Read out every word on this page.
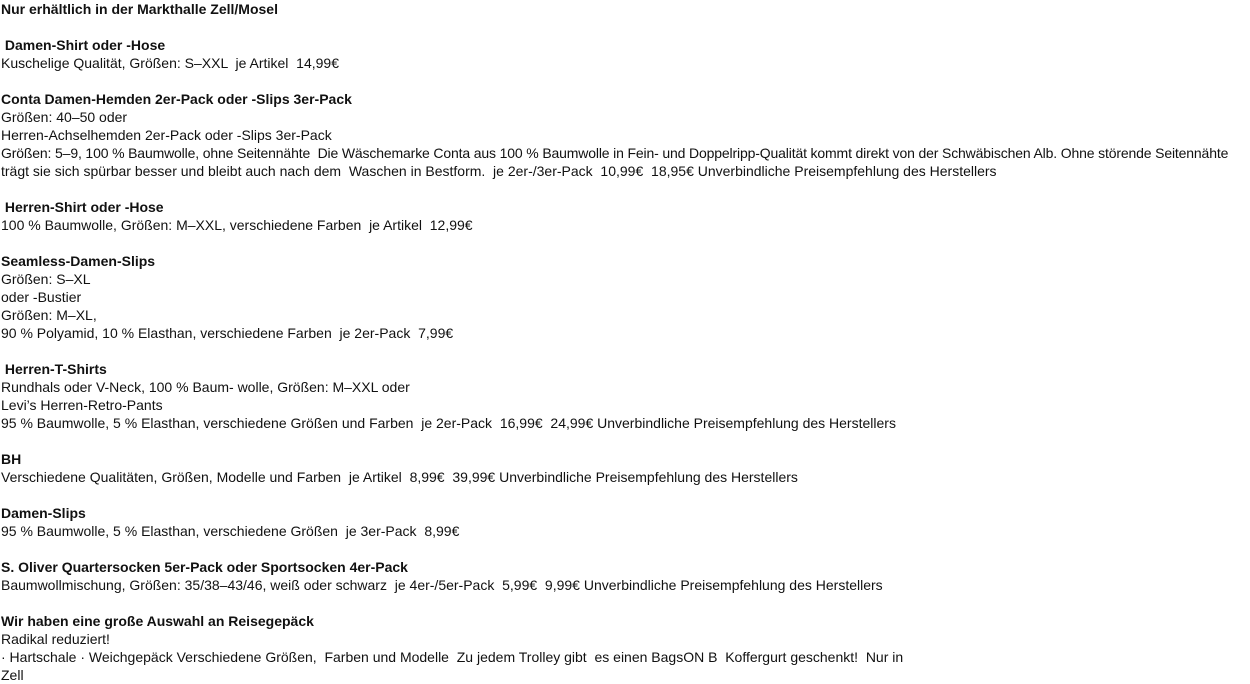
Nur erhältlich in der Markthalle Zell/Mosel
Damen-Shirt oder -Hose
Kuschelige Qualität, Größen: S–XXL  je Artikel  14,99€
Conta Damen-Hemden 2er-Pack oder -Slips 3er-Pack
Größen: 40–50 oder
Herren-Achselhemden 2er-Pack oder -Slips 3er-Pack
Größen: 5–9, 100 % Baumwolle, ohne Seitennähte  Die Wäschemarke Conta aus 100 % Baumwolle in Fein- und Doppelripp-Qualität kommt direkt von der Schwäbischen Alb. Ohne störende Seitennähte
trägt sie sich spürbar besser und bleibt auch nach dem  Waschen in Bestform.  je 2er-/3er-Pack  10,99€  18,95€ Unverbindliche Preisempfehlung des Herstellers
Herren-Shirt oder -Hose
100 % Baumwolle, Größen: M–XXL, verschiedene Farben  je Artikel  12,99€
Seamless-Damen-Slips
Größen: S–XL
oder -Bustier
Größen: M–XL,
90 % Polyamid, 10 % Elasthan, verschiedene Farben  je 2er-Pack  7,99€
Herren-T-Shirts
Rundhals oder V-Neck, 100 % Baum- wolle, Größen: M–XXL oder
Levi’s Herren-Retro-Pants
95 % Baumwolle, 5 % Elasthan, verschiedene Größen und Farben  je 2er-Pack  16,99€  24,99€ Unverbindliche Preisempfehlung des Herstellers
BH
Verschiedene Qualitäten, Größen, Modelle und Farben  je Artikel  8,99€  39,99€ Unverbindliche Preisempfehlung des Herstellers
Damen-Slips
95 % Baumwolle, 5 % Elasthan, verschiedene Größen  je 3er-Pack  8,99€
S. Oliver Quartersocken 5er-Pack oder Sportsocken 4er-Pack
Baumwollmischung, Größen: 35/38–43/46, weiß oder schwarz  je 4er-/5er-Pack  5,99€  9,99€ Unverbindliche Preisempfehlung des Herstellers
Wir haben eine große Auswahl an Reisegepäck
Radikal reduziert!
· Hartschale · Weichgepäck Verschiedene Größen,  Farben und Modelle  Zu jedem Trolley gibt  es einen BagsON B  Koffergurt geschenkt!  Nur in
Zell
